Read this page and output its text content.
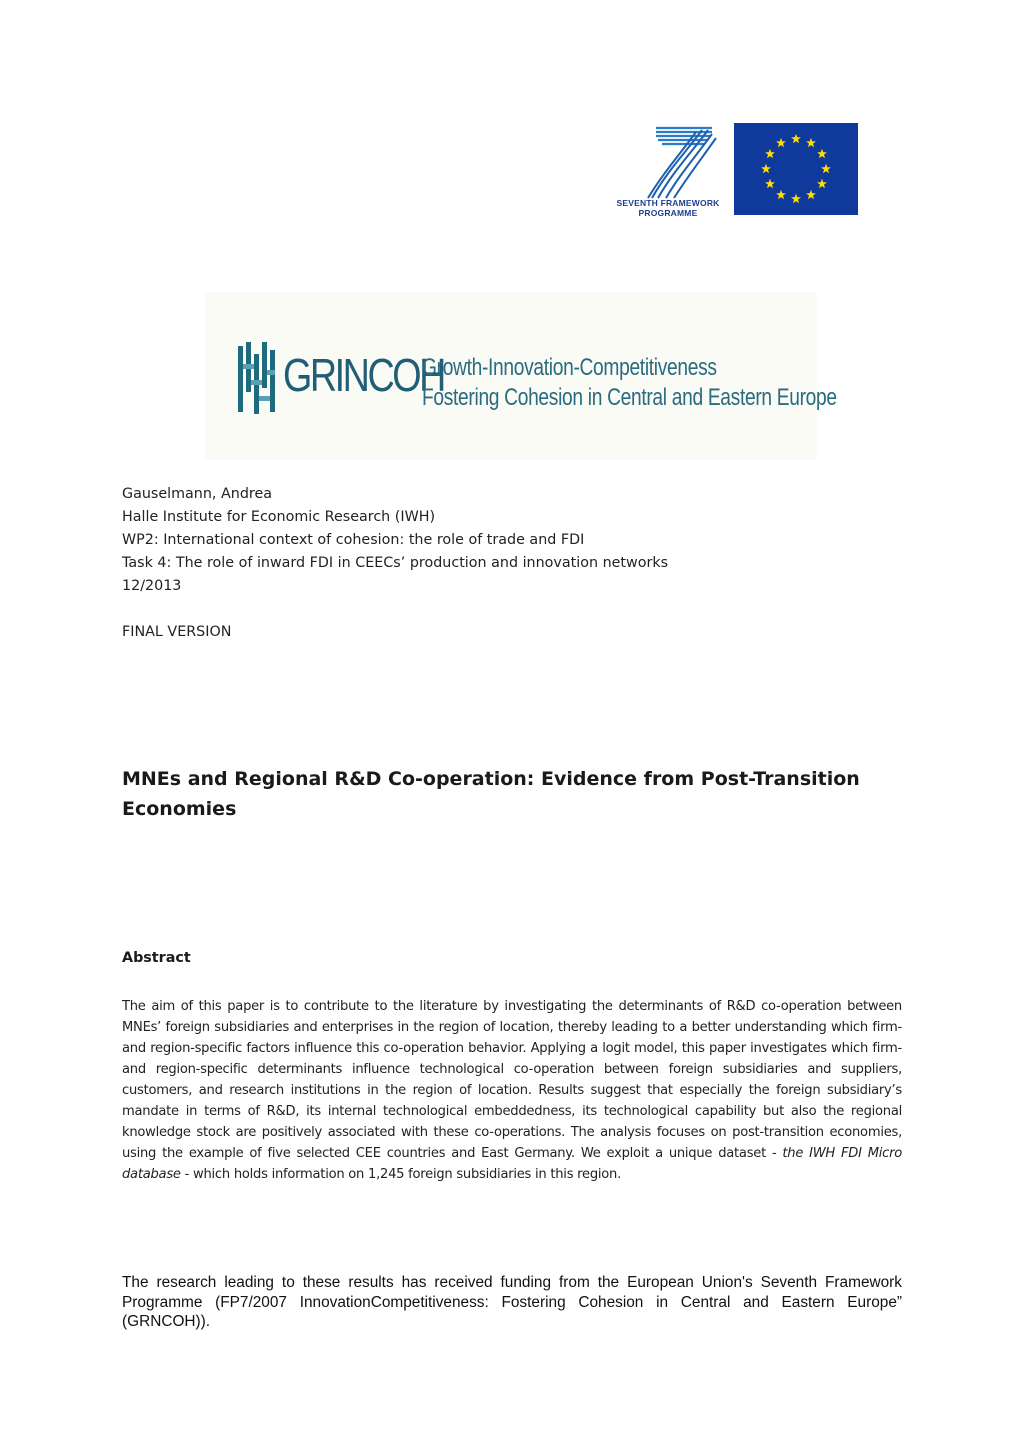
SEVENTH FRAMEWORK
PROGRAMME
GRINCOH
Growth-Innovation-Competitiveness
Fostering Cohesion in Central and Eastern Europe
Gauselmann, Andrea
Halle Institute for Economic Research (IWH)
WP2: International context of cohesion: the role of trade and FDI
Task 4: The role of inward FDI in CEECs’ production and innovation networks
12/2013
FINAL VERSION
MNEs and Regional R&D Co-operation: Evidence from Post-Transition Economies
Abstract
The aim of this paper is to contribute to the literature by investigating the determinants of R&D co-operation between MNEs’ foreign subsidiaries and enterprises in the region of location, thereby leading to a better understanding which firm- and region-specific factors influence this co-operation behavior. Applying a logit model, this paper investigates which firm- and region-specific determinants influence technological co-operation between foreign subsidiaries and suppliers, customers, and research institutions in the region of location. Results suggest that especially the foreign subsidiary’s mandate in terms of R&D, its internal technological embeddedness, its technological capability but also the regional knowledge stock are positively associated with these co-operations. The analysis focuses on post-transition economies, using the example of five selected CEE countries and East Germany. We exploit a unique dataset - the IWH FDI Micro database - which holds information on 1,245 foreign subsidiaries in this region.
The research leading to these results has received funding from the European Union's Seventh Framework Programme (FP7/2007 InnovationCompetitiveness: Fostering Cohesion in Central and Eastern Europe” (GRNCOH)).
